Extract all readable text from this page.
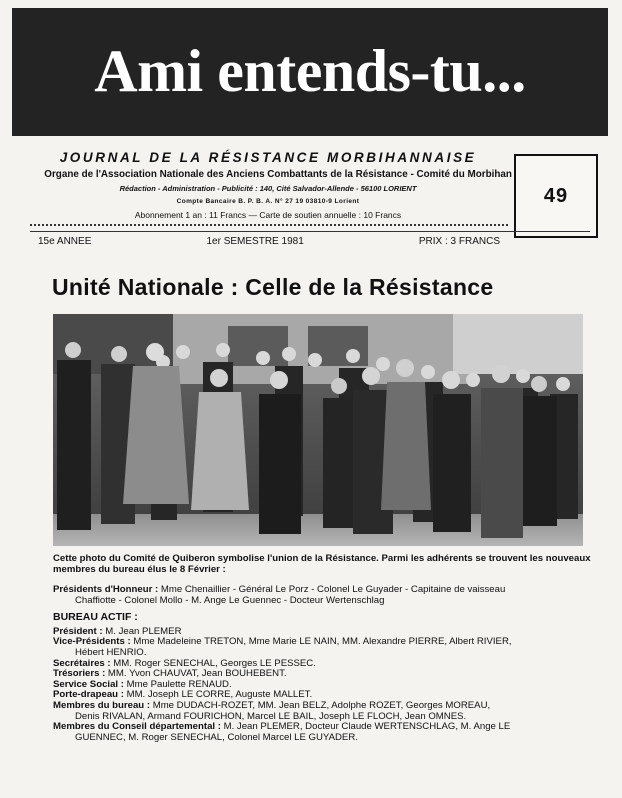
Ami entends-tu...
JOURNAL DE LA RÉSISTANCE MORBIHANNAISE
Organe de l'Association Nationale des Anciens Combattants de la Résistance - Comité du Morbihan
Rédaction - Administration - Publicité : 140, Cité Salvador-Allende - 56100 LORIENT
Compte Bancaire B. P. B. A. N° 27 19 03810-9 Lorient
Abonnement 1 an : 11 Francs — Carte de soutien annuelle : 10 Francs
49
15e ANNEE	1er SEMESTRE 1981	PRIX : 3 FRANCS
Unité Nationale : Celle de la Résistance
Cette photo du Comité de Quiberon symbolise l'union de la Résistance. Parmi les adhérents se trouvent les nouveaux membres du bureau élus le 8 Février :

Présidents d'Honneur : Mme Chenaillier - Général Le Porz - Colonel Le Guyader - Capitaine de vaisseau

Chaffiotte - Colonel Mollo - M. Ange Le Guennec - Docteur Wertenschlag

BUREAU ACTIF :

Président : M. Jean PLEMER

Vice-Présidents : Mme Madeleine TRETON, Mme Marie LE NAIN, MM. Alexandre PIERRE, Albert RIVIER,

Hébert HENRIO.

Secrétaires : MM. Roger SENECHAL, Georges LE PESSEC.

Trésoriers : MM. Yvon CHAUVAT, Jean BOUHEBENT.

Service Social : Mme Paulette RENAUD.

Porte-drapeau : MM. Joseph LE CORRE, Auguste MALLET.

Membres du bureau : Mme DUDACH-ROZET, MM. Jean BELZ, Adolphe ROZET, Georges MOREAU,

Denis RIVALAN, Armand FOURICHON, Marcel LE BAIL, Joseph LE FLOCH, Jean OMNES.

Membres du Conseil départemental : M. Jean PLEMER, Docteur Claude WERTENSCHLAG, M. Ange LE

GUENNEC, M. Roger SENECHAL, Colonel Marcel LE GUYADER.
